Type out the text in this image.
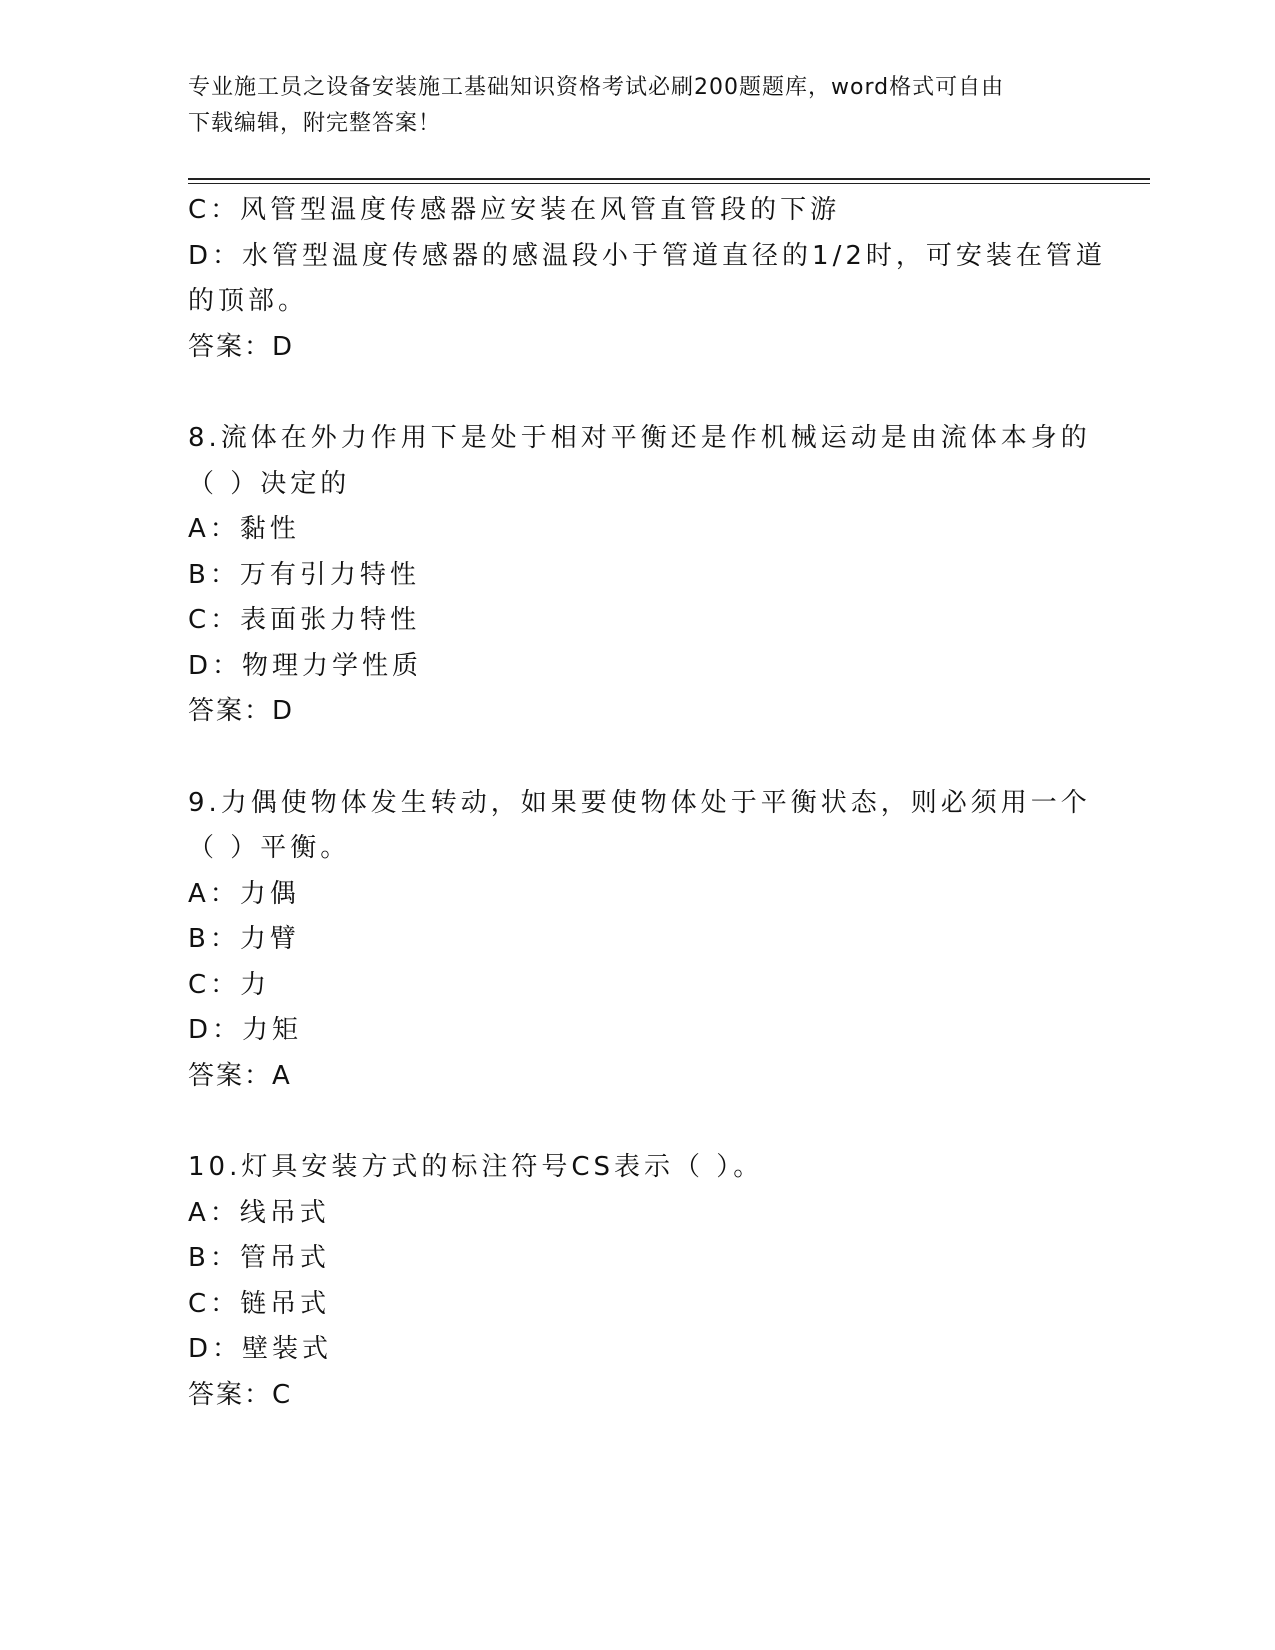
专业施工员之设备安装施工基础知识资格考试必刷200题题库，word格式可自由
下载编辑，附完整答案！
C：风管型温度传感器应安装在风管直管段的下游
D：水管型温度传感器的感温段小于管道直径的1/2时，可安装在管道
的顶部。
答案：D
8.流体在外力作用下是处于相对平衡还是作机械运动是由流体本身的
（ ）决定的
A：黏性
B：万有引力特性
C：表面张力特性
D：物理力学性质
答案：D
9.力偶使物体发生转动，如果要使物体处于平衡状态，则必须用一个
（ ）平衡。
A：力偶
B：力臂
C：力
D：力矩
答案：A
10.灯具安装方式的标注符号CS表示（ ）。
A：线吊式
B：管吊式
C：链吊式
D：壁装式
答案：C
